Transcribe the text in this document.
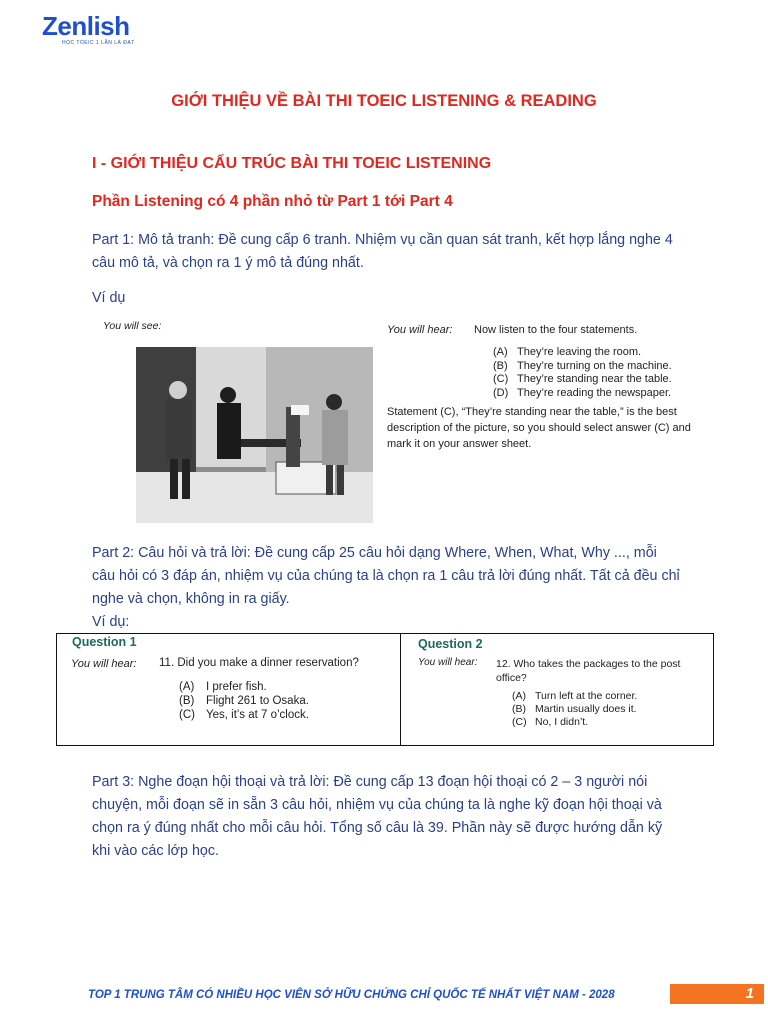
Zenlish
HỌC TOEIC 1 LẦN LÀ ĐẠT
GIỚI THIỆU VỀ BÀI THI TOEIC LISTENING & READING
I - GIỚI THIỆU CẤU TRÚC BÀI THI TOEIC LISTENING
Phần Listening có 4 phần nhỏ từ Part 1 tới Part 4
Part 1: Mô tả tranh: Đề cung cấp 6 tranh. Nhiệm vụ cần quan sát tranh, kết hợp lắng nghe 4 câu mô tả, và chọn ra 1 ý mô tả đúng nhất.
Ví dụ
You will see:	You will hear: Now listen to the four statements.
(A) They’re leaving the room.
(B) They’re turning on the machine.
(C) They’re standing near the table.
(D) They’re reading the newspaper.
Statement (C), “They’re standing near the table,” is the best description of the picture, so you should select answer (C) and mark it on your answer sheet.
Part 2: Câu hỏi và trả lời: Đề cung cấp 25 câu hỏi dạng Where, When, What, Why ..., mỗi câu hỏi có 3 đáp án, nhiệm vụ của chúng ta là chọn ra 1 câu trả lời đúng nhất. Tất cả đều chỉ nghe và chọn, không in ra giấy.
Ví dụ:
Question 1
You will hear: 11. Did you make a dinner reservation?
(A) I prefer fish.
(B) Flight 261 to Osaka.
(C) Yes, it’s at 7 o’clock.
Question 2
You will hear: 12. Who takes the packages to the post office?
(A) Turn left at the corner.
(B) Martin usually does it.
(C) No, I didn’t.
Part 3: Nghe đoạn hội thoại và trả lời: Đề cung cấp 13 đoạn hội thoại có 2 – 3 người nói chuyện, mỗi đoạn sẽ in sẵn 3 câu hỏi, nhiệm vụ của chúng ta là nghe kỹ đoạn hội thoại và chọn ra ý đúng nhất cho mỗi câu hỏi. Tổng số câu là 39. Phần này sẽ được hướng dẫn kỹ khi vào các lớp học.
TOP 1 TRUNG TÂM CÓ NHIỀU HỌC VIÊN SỞ HỮU CHỨNG CHỈ QUỐC TẾ NHẤT VIỆT NAM - 2028	1
